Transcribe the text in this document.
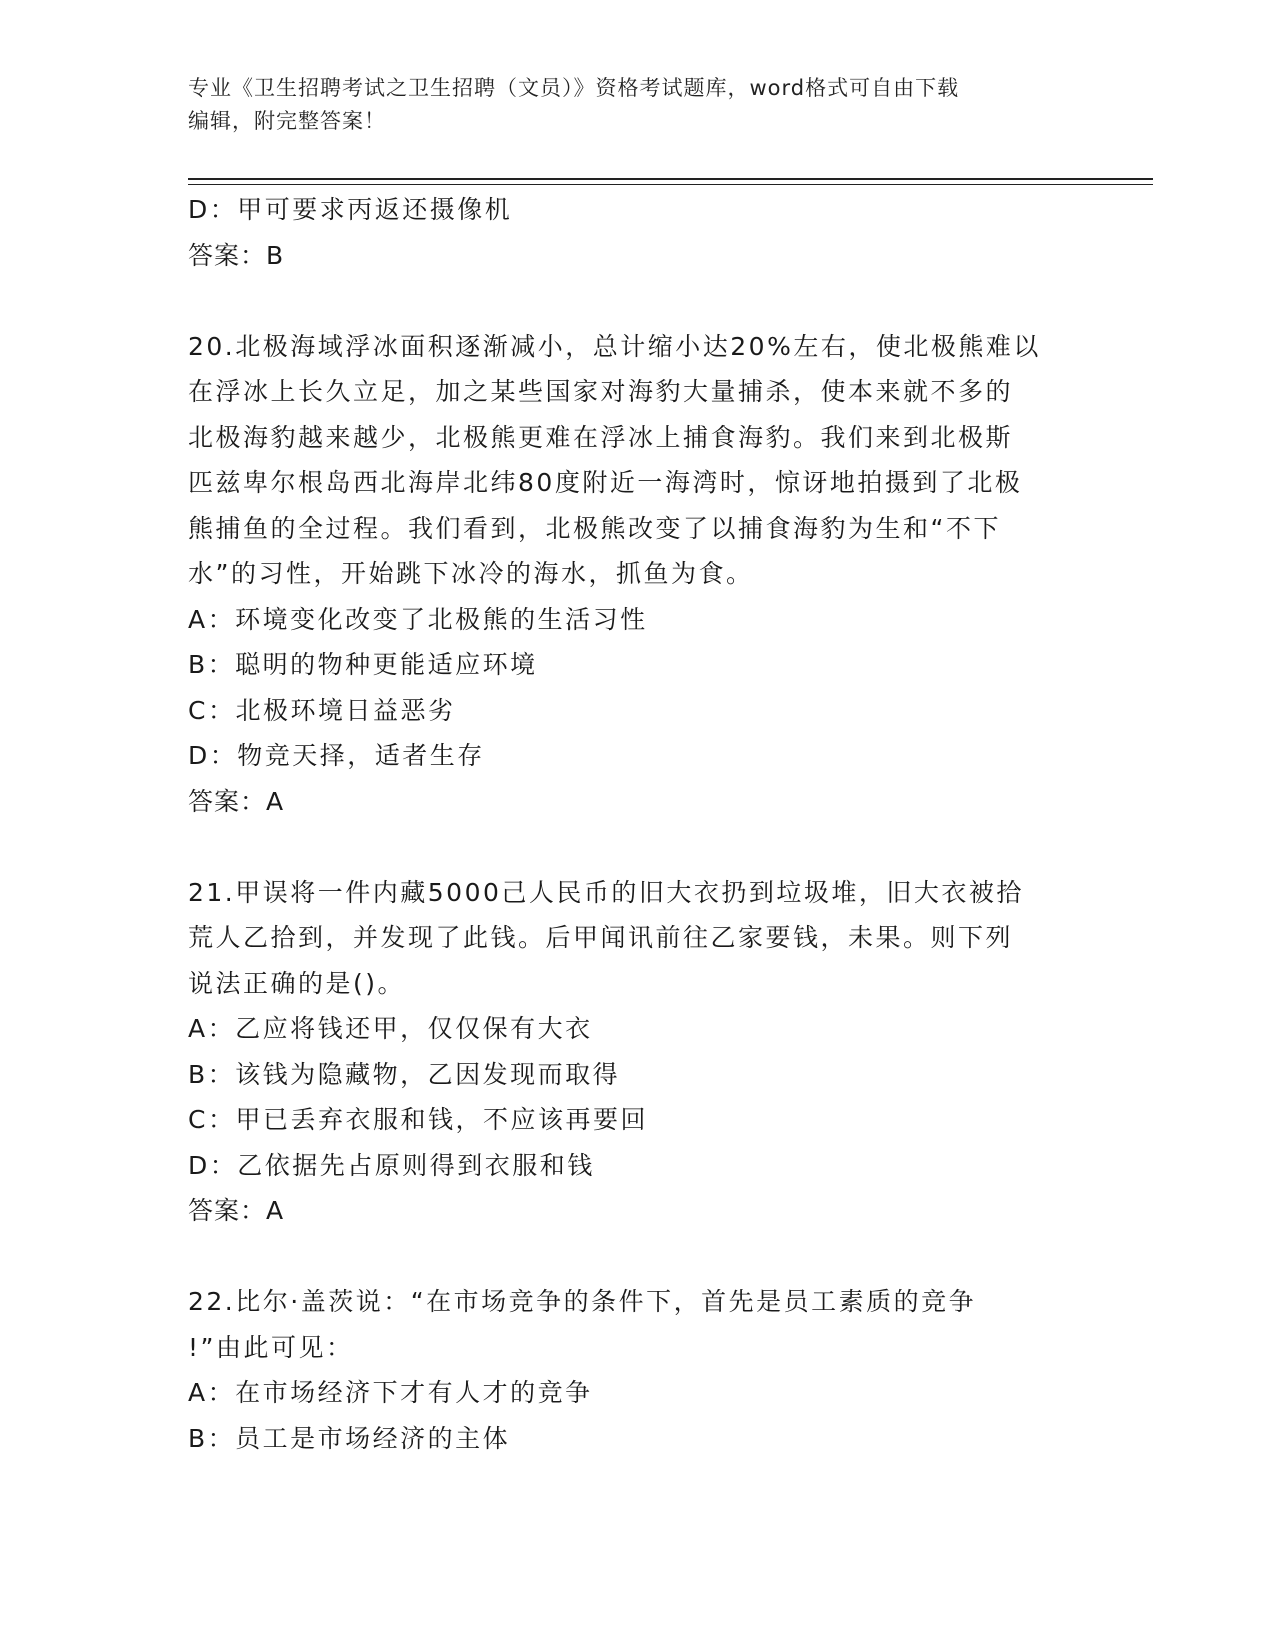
专业《卫生招聘考试之卫生招聘（文员）》资格考试题库，word格式可自由下载
编辑，附完整答案！
D：甲可要求丙返还摄像机
答案：B
20.北极海域浮冰面积逐渐减小，总计缩小达20%左右，使北极熊难以
在浮冰上长久立足，加之某些国家对海豹大量捕杀，使本来就不多的
北极海豹越来越少，北极熊更难在浮冰上捕食海豹。我们来到北极斯
匹兹卑尔根岛西北海岸北纬80度附近一海湾时，惊讶地拍摄到了北极
熊捕鱼的全过程。我们看到，北极熊改变了以捕食海豹为生和“不下
水”的习性，开始跳下冰冷的海水，抓鱼为食。
A：环境变化改变了北极熊的生活习性
B：聪明的物种更能适应环境
C：北极环境日益恶劣
D：物竞天择，适者生存
答案：A
21.甲误将一件内藏5000己人民币的旧大衣扔到垃圾堆，旧大衣被拾
荒人乙拾到，并发现了此钱。后甲闻讯前往乙家要钱，未果。则下列
说法正确的是()。
A：乙应将钱还甲，仅仅保有大衣
B：该钱为隐藏物，乙因发现而取得
C：甲已丢弃衣服和钱，不应该再要回
D：乙依据先占原则得到衣服和钱
答案：A
22.比尔·盖茨说：“在市场竞争的条件下，首先是员工素质的竞争
!”由此可见：
A：在市场经济下才有人才的竞争
B：员工是市场经济的主体
